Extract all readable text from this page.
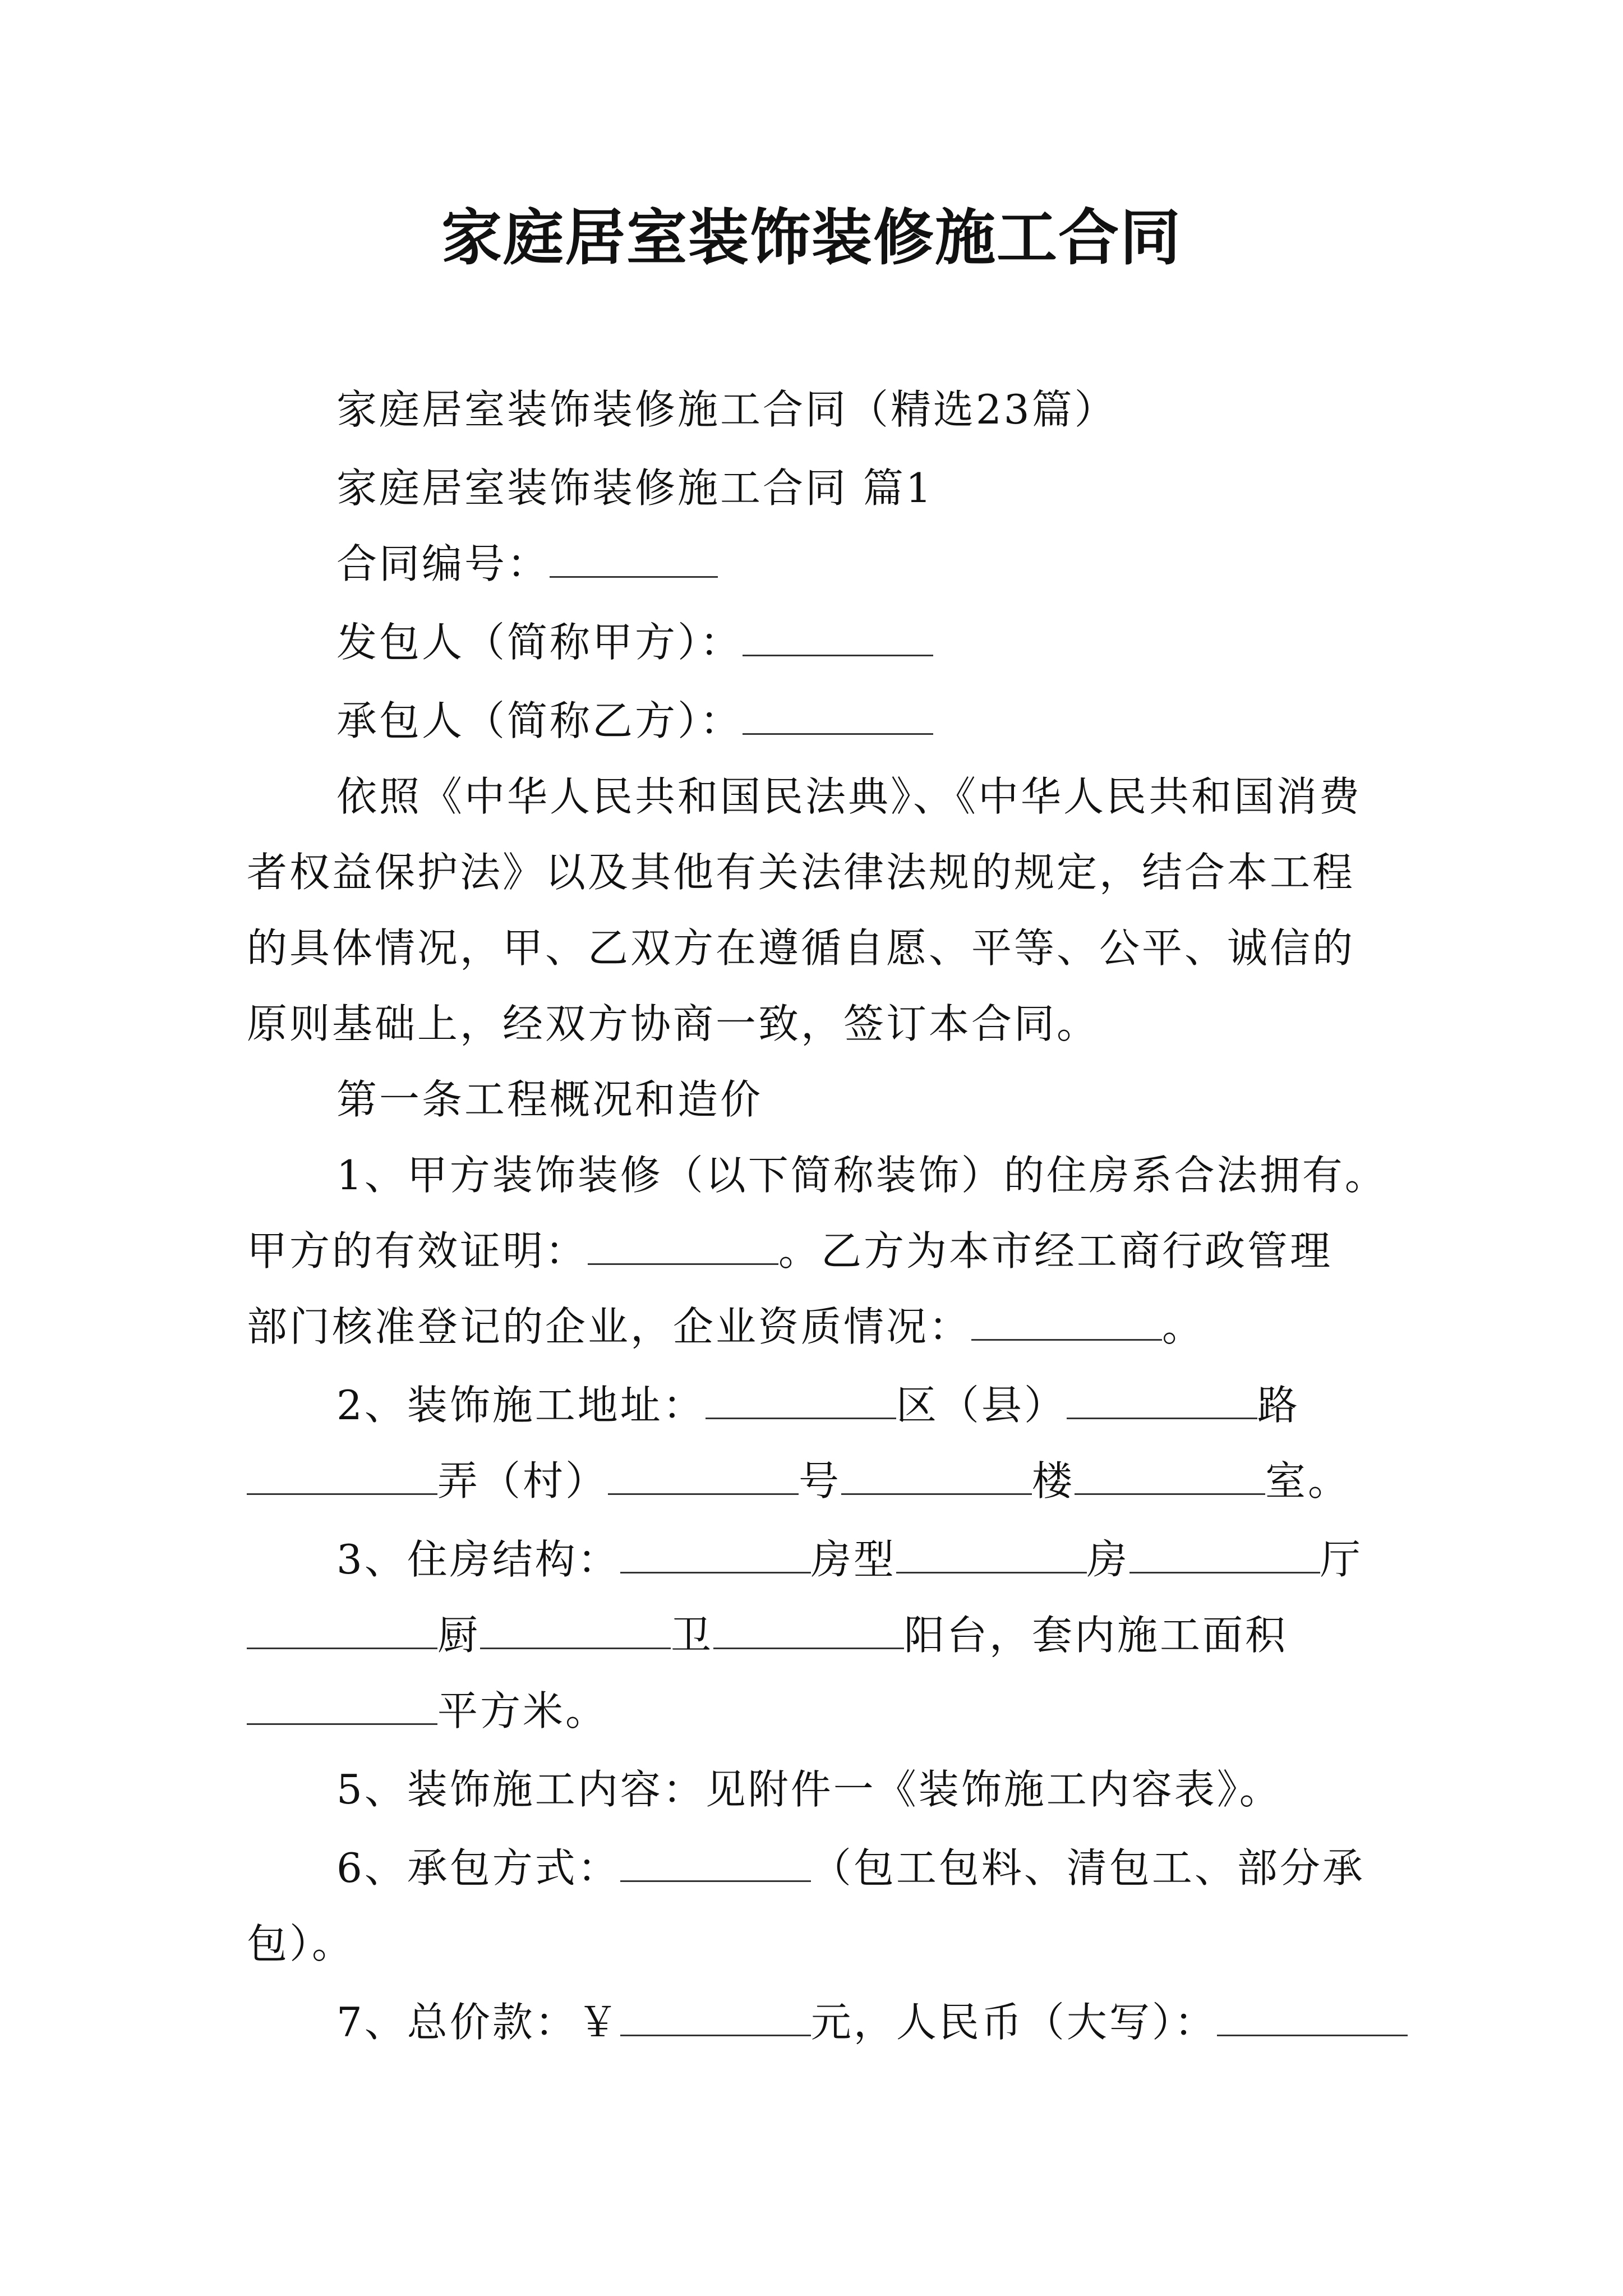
家庭居室装饰装修施工合同
家庭居室装饰装修施工合同（精选23篇）
家庭居室装饰装修施工合同 篇1
合同编号：
发包人（简称甲方）：
承包人（简称乙方）：
依照《中华人民共和国民法典》、《中华人民共和国消费
者权益保护法》以及其他有关法律法规的规定，结合本工程
的具体情况，甲、乙双方在遵循自愿、平等、公平、诚信的
原则基础上，经双方协商一致，签订本合同。
第一条工程概况和造价
1、甲方装饰装修（以下简称装饰）的住房系合法拥有。
甲方的有效证明：	。乙方为本市经工商行政管理
部门核准登记的企业，企业资质情况：	。
2、装饰施工地址：	区（县）	路
弄（村）	号	楼	室。
3、住房结构：	房型	房	厅
厨	卫	阳台，套内施工面积
平方米。
5、装饰施工内容：见附件一《装饰施工内容表》。
6、承包方式：	（包工包料、清包工、部分承
包）。
7、总价款：￥	元，人民币（大写）：
